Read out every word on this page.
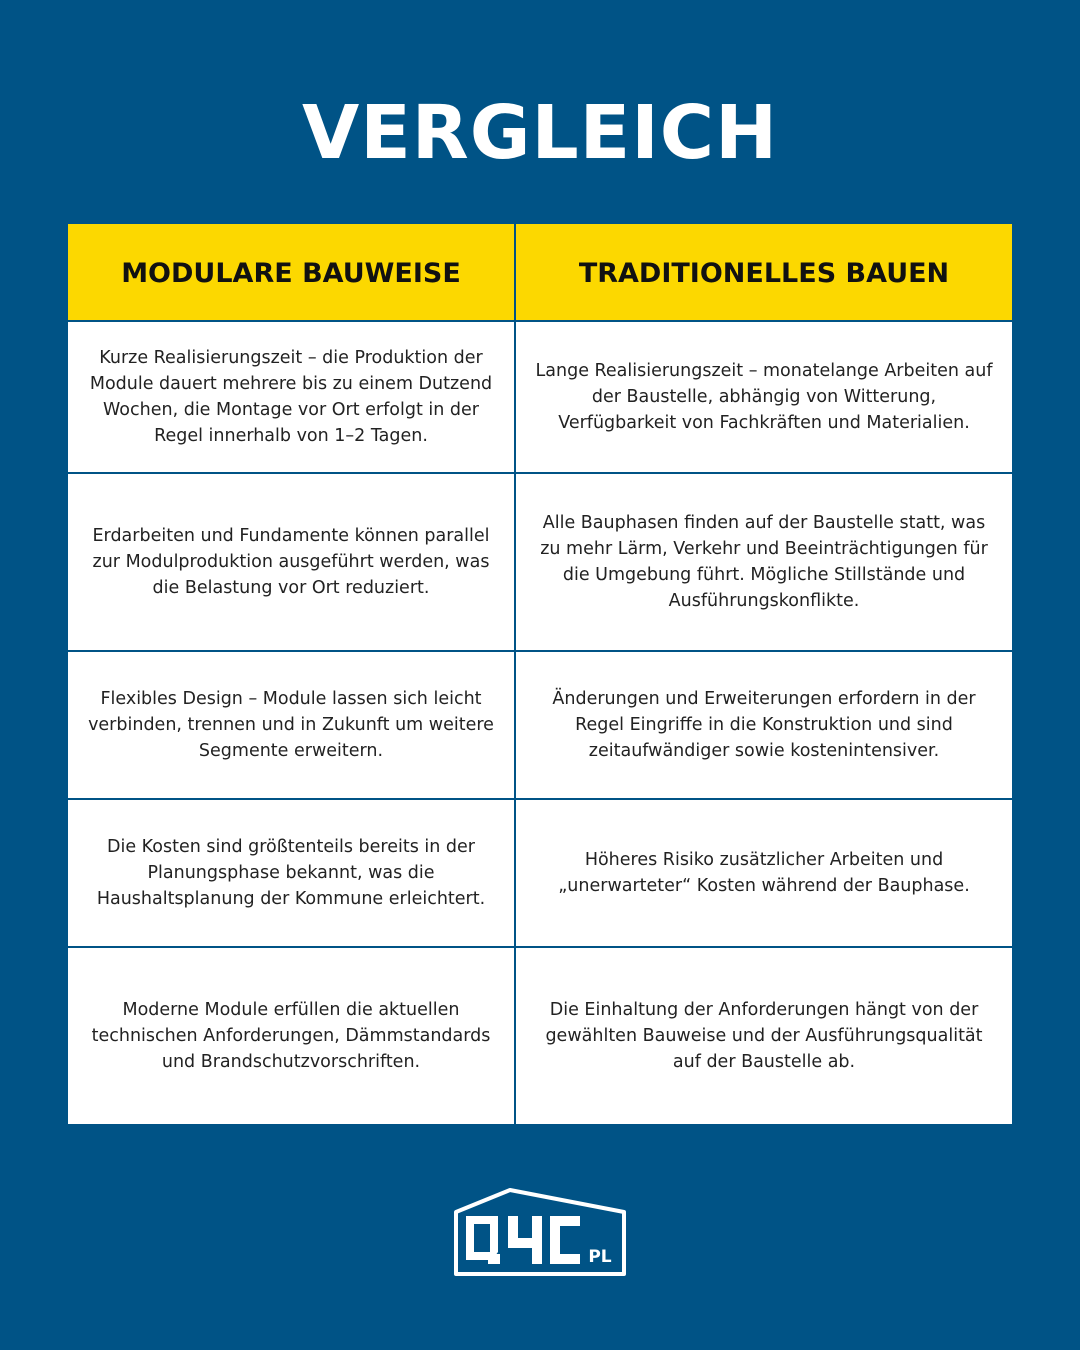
VERGLEICH
MODULARE BAUWEISE	TRADITIONELLES BAUEN
Kurze Realisierungszeit – die Produktion der Module dauert mehrere bis zu einem Dutzend Wochen, die Montage vor Ort erfolgt in der Regel innerhalb von 1–2 Tagen.
Lange Realisierungszeit – monatelange Arbeiten auf der Baustelle, abhängig von Witterung, Verfügbarkeit von Fachkräften und Materialien.
Erdarbeiten und Fundamente können parallel zur Modulproduktion ausgeführt werden, was die Belastung vor Ort reduziert.
Alle Bauphasen finden auf der Baustelle statt, was zu mehr Lärm, Verkehr und Beeinträchtigungen für die Umgebung führt. Mögliche Stillstände und Ausführungskonflikte.
Flexibles Design – Module lassen sich leicht verbinden, trennen und in Zukunft um weitere Segmente erweitern.
Änderungen und Erweiterungen erfordern in der Regel Eingriffe in die Konstruktion und sind zeitaufwändiger sowie kostenintensiver.
Die Kosten sind größtenteils bereits in der Planungsphase bekannt, was die Haushaltsplanung der Kommune erleichtert.
Höheres Risiko zusätzlicher Arbeiten und „unerwarteter“ Kosten während der Bauphase.
Moderne Module erfüllen die aktuellen technischen Anforderungen, Dämmstandards und Brandschutzvorschriften.
Die Einhaltung der Anforderungen hängt von der gewählten Bauweise und der Ausführungsqualität auf der Baustelle ab.
PL
